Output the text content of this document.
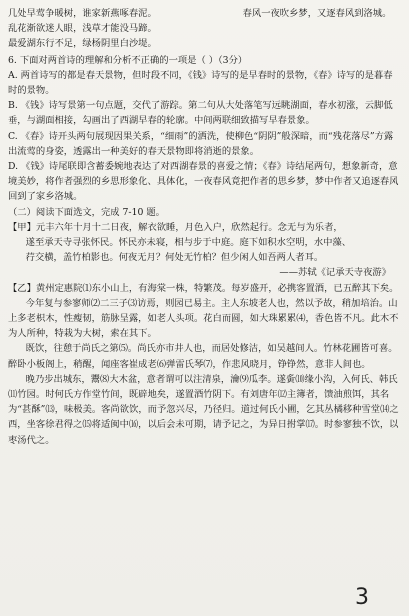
几处早莺争暖树，谁家新燕啄春泥。
乱花渐欲迷人眼，浅草才能没马蹄。
最爱湖东行不足，绿杨阴里白沙堤。
春风一夜吹乡梦，又逐春风到洛城。
6. 下面对两首诗的理解和分析不正确的一项是（ ）（3分）
A. 两首诗写的都是春天景物，但时段不同，《钱》诗写的是早春时的景物，《春》诗写的是暮春时的景物。
B. 《钱》诗写景第一句点题，交代了游踪。第二句从大处落笔写远眺湖面，春水初涨，云脚低垂，与湖面相接，勾画出了西湖早春的轮廓。中间两联细致描写早春景象。
C. 《春》诗开头两句展现因果关系，“细雨”的洒洗，使柳色“阴阴”般深暗，而“残花落尽”方露出流莺的身姿，透露出一种美好的春天景物即将消逝的景象。
D. 《钱》诗尾联即含蓄委婉地表达了对西湖春景的喜爱之情；《春》诗结尾两句，想象新奇，意境美妙，将作者强烈的乡思形象化、具体化，一夜春风竟把作者的思乡梦，梦中作者又追逐春风回到了家乡洛城。
（二）阅读下面选文，完成 7-10 题。
【甲】元丰六年十月十二日夜，解衣欲睡，月色入户，欣然起行。念无与为乐者，
遂至承天寺寻张怀民。怀民亦未寝，相与步于中庭。庭下如积水空明，水中藻、
荇交横，盖竹柏影也。何夜无月？何处无竹柏？但少闲人如吾两人者耳。
——苏轼《记承天寺夜游》
【乙】黄州定惠院⑴东小山上，有海棠一株，特繁茂。每岁盛开，必携客置酒，已五醉其下矣。
今年复与参寥师⑵二三子⑶访焉，则园已易主。主人东坡老人也，然以予故，稍加培治。山上多老枳木，性瘦韧，筋脉呈露，如老人头项。花白而圆，如大珠累累⑷，香色皆不凡。此木不为人所种，特栽为大树，索在其下。
既饮，往憩于尚氏之第⑸。尚氏亦市井人也，而居处修洁，如吴越间人。竹林花圃皆可喜。醉卧小板阁上，稍醒，闻座客崔成老⑹弹雷氏琴⑺，作悲风晓月，铮铮然，意非人间也。
晚乃步出城东，鬻⑻大木盆，意者谓可以注清泉，瀹⑼瓜李。遂夤⑽缘小沟，入何氏、韩氏⑾竹园。时何氏方作堂竹间，既辟地矣，遂置酒竹阴下。有刘唐年⑿主簿者，馈油煎饵，其名为“甚酥”⒀，味极美。客尚欲饮，而予忽兴尽，乃径归。道过何氏小圃，乞其丛橘移种雪堂⒁之西，坐客徐君得之⒂将适闽中⒃，以后会未可期，请予记之，为异日拊掌⒄。时参寥独不饮，以枣汤代之。
3
